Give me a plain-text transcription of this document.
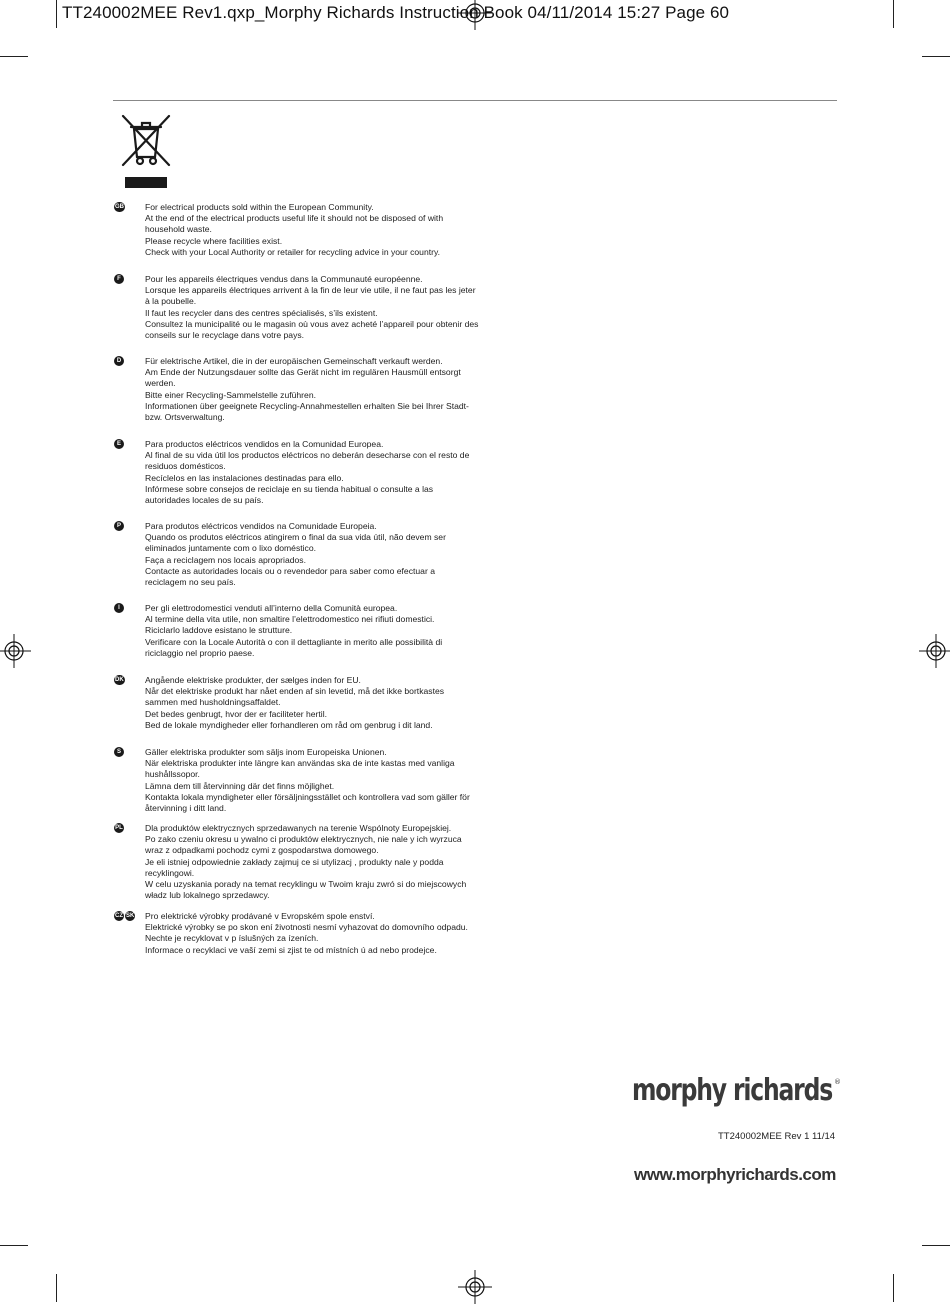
TT240002MEE Rev1.qxp_Morphy Richards Instruction Book 04/11/2014 15:27 Page 60
GB For electrical products sold within the European Community.
At the end of the electrical products useful life it should not be disposed of with
household waste.
Please recycle where facilities exist.
Check with your Local Authority or retailer for recycling advice in your country.
F	Pour les appareils électriques vendus dans la Communauté européenne.
Lorsque les appareils électriques arrivent à la fin de leur vie utile, il ne faut pas les jeter
à la poubelle.
Il faut les recycler dans des centres spécialisés, s’ils existent.
Consultez la municipalité ou le magasin où vous avez acheté l’appareil pour obtenir des
conseils sur le recyclage dans votre pays.
D	Für elektrische Artikel, die in der europäischen Gemeinschaft verkauft werden.
Am Ende der Nutzungsdauer sollte das Gerät nicht im regulären Hausmüll entsorgt
werden.
Bitte einer Recycling-Sammelstelle zuführen.
Informationen über geeignete Recycling-Annahmestellen erhalten Sie bei Ihrer Stadt-
bzw. Ortsverwaltung.
E	Para productos eléctricos vendidos en la Comunidad Europea.
Al final de su vida útil los productos eléctricos no deberán desecharse con el resto de
residuos domésticos.
Recíclelos en las instalaciones destinadas para ello.
Infórmese sobre consejos de reciclaje en su tienda habitual o consulte a las
autoridades locales de su país.
P	Para produtos eléctricos vendidos na Comunidade Europeia.
Quando os produtos eléctricos atingirem o final da sua vida útil, não devem ser
eliminados juntamente com o lixo doméstico.
Faça a reciclagem nos locais apropriados.
Contacte as autoridades locais ou o revendedor para saber como efectuar a
reciclagem no seu país.
I	Per gli elettrodomestici venduti all’interno della Comunità europea.
Al termine della vita utile, non smaltire l’elettrodomestico nei rifiuti domestici.
Riciclarlo laddove esistano le strutture.
Verificare con la Locale Autorità o con il dettagliante in merito alle possibilità di
riciclaggio nel proprio paese.
DK Angående elektriske produkter, der sælges inden for EU.
Når det elektriske produkt har nået enden af sin levetid, må det ikke bortkastes
sammen med husholdningsaffaldet.
Det bedes genbrugt, hvor der er faciliteter hertil.
Bed de lokale myndigheder eller forhandleren om råd om genbrug i dit land.
S	Gäller elektriska produkter som säljs inom Europeiska Unionen.
När elektriska produkter inte längre kan användas ska de inte kastas med vanliga
hushållssopor.
Lämna dem till återvinning där det finns möjlighet.
Kontakta lokala myndigheter eller försäljningsstället och kontrollera vad som gäller för
återvinning i ditt land.
PL	Dla produktów elektrycznych sprzedawanych na terenie Wspólnoty Europejskiej.
Po zako czeniu okresu u ywalno ci produktów elektrycznych, nie nale y ich wyrzuca
wraz z odpadkami pochodz cymi z gospodarstwa domowego.
Je eli istniej odpowiednie zakłady zajmuj ce si utylizacj , produkty nale y podda
recyklingowi.
W celu uzyskania porady na temat recyklingu w Twoim kraju zwró si do miejscowych
władz lub lokalnego sprzedawcy.
CZ SK Pro elektrické výrobky prodávané v Evropském spole enství.
Elektrické výrobky se po skon ení životnosti nesmí vyhazovat do domovního odpadu.
Nechte je recyklovat v p íslušných za ízeních.
Informace o recyklaci ve vaší zemi si zjist te od místních ú ad nebo prodejce.
morphy richards ®
TT240002MEE Rev 1 11/14
www.morphyrichards.com
